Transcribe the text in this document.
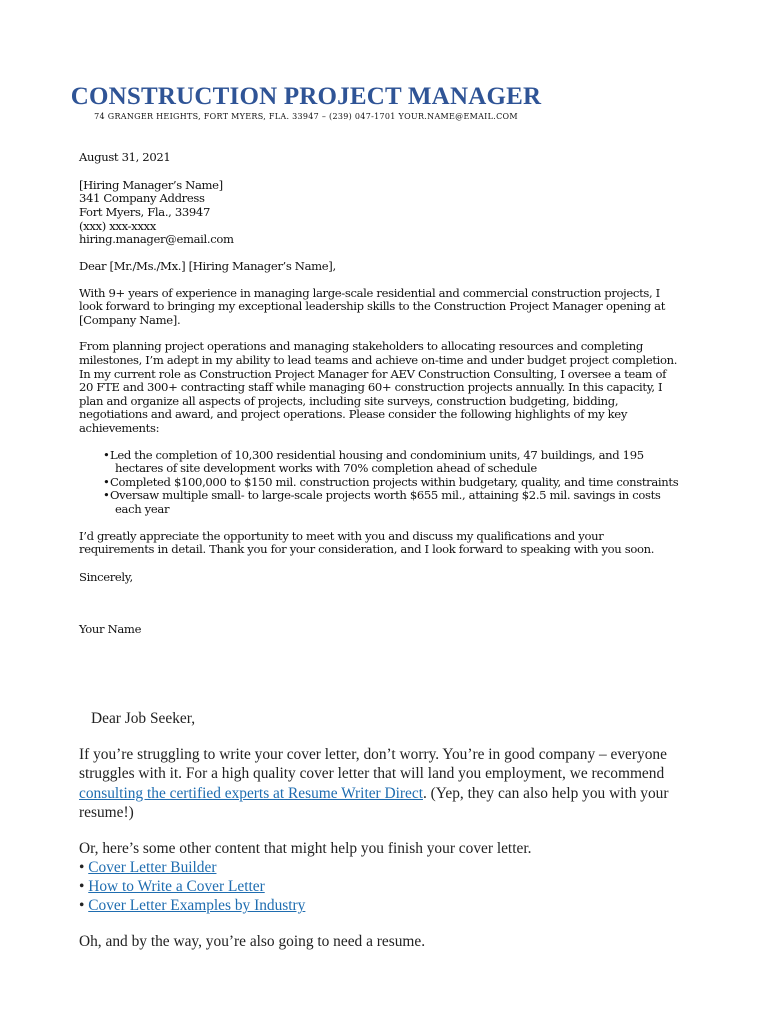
CONSTRUCTION PROJECT MANAGER
74 GRANGER HEIGHTS, FORT MYERS, FLA. 33947 – (239) 047-1701 YOUR.NAME@EMAIL.COM
August 31, 2021
[Hiring Manager’s Name]
341 Company Address
Fort Myers, Fla., 33947
(xxx) xxx-xxxx
hiring.manager@email.com
Dear [Mr./Ms./Mx.] [Hiring Manager’s Name],
With 9+ years of experience in managing large-scale residential and commercial construction projects, I look forward to bringing my exceptional leadership skills to the Construction Project Manager opening at [Company Name].
From planning project operations and managing stakeholders to allocating resources and completing milestones, I’m adept in my ability to lead teams and achieve on-time and under budget project completion. In my current role as Construction Project Manager for AEV Construction Consulting, I oversee a team of 20 FTE and 300+ contracting staff while managing 60+ construction projects annually. In this capacity, I plan and organize all aspects of projects, including site surveys, construction budgeting, bidding, negotiations and award, and project operations. Please consider the following highlights of my key achievements:
• Led the completion of 10,300 residential housing and condominium units, 47 buildings, and 195 hectares of site development works with 70% completion ahead of schedule
• Completed $100,000 to $150 mil. construction projects within budgetary, quality, and time constraints
• Oversaw multiple small- to large-scale projects worth $655 mil., attaining $2.5 mil. savings in costs each year
I’d greatly appreciate the opportunity to meet with you and discuss my qualifications and your requirements in detail. Thank you for your consideration, and I look forward to speaking with you soon.
Sincerely,
Your Name
Dear Job Seeker,
If you’re struggling to write your cover letter, don’t worry. You’re in good company – everyone struggles with it. For a high quality cover letter that will land you employment, we recommend consulting the certified experts at Resume Writer Direct. (Yep, they can also help you with your resume!)
Or, here’s some other content that might help you finish your cover letter.
• Cover Letter Builder
• How to Write a Cover Letter
• Cover Letter Examples by Industry
Oh, and by the way, you’re also going to need a resume.
